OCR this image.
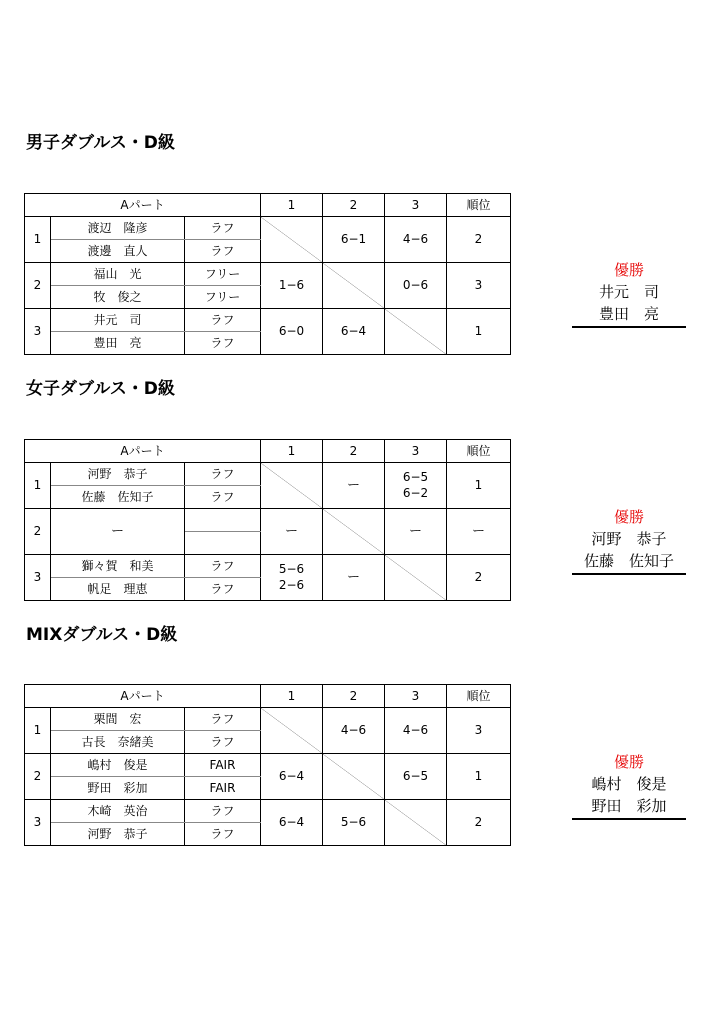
男子ダブルス・D級
Aパート			1	2	3	順位
1	渡辺　隆彦	ラフ		6−1	4−6	2
	渡邊　直人	ラフ				
2	福山　光	フリー	1−6		0−6	3
	牧　俊之	フリー				
3	井元　司	ラフ	6−0	6−4		1
	豊田　亮	ラフ				
優勝
井元　司
豊田　亮
女子ダブルス・D級
Aパート			1	2	3	順位
1	河野　恭子	ラフ		ー	6−5
6−2	1
	佐藤　佐知子	ラフ				
2	ー		ー		ー	ー

3	獅々賀　和美	ラフ	5−6
2−6	ー		2
	帆足　理恵	ラフ				
優勝
河野　恭子
佐藤　佐知子
MIXダブルス・D級
Aパート			1	2	3	順位
1	栗間　宏	ラフ		4−6	4−6	3
	古長　奈緒美	ラフ				
2	嶋村　俊是	FAIR	6−4		6−5	1
	野田　彩加	FAIR				
3	木崎　英治	ラフ	6−4	5−6		2
	河野　恭子	ラフ				
優勝
嶋村　俊是
野田　彩加
